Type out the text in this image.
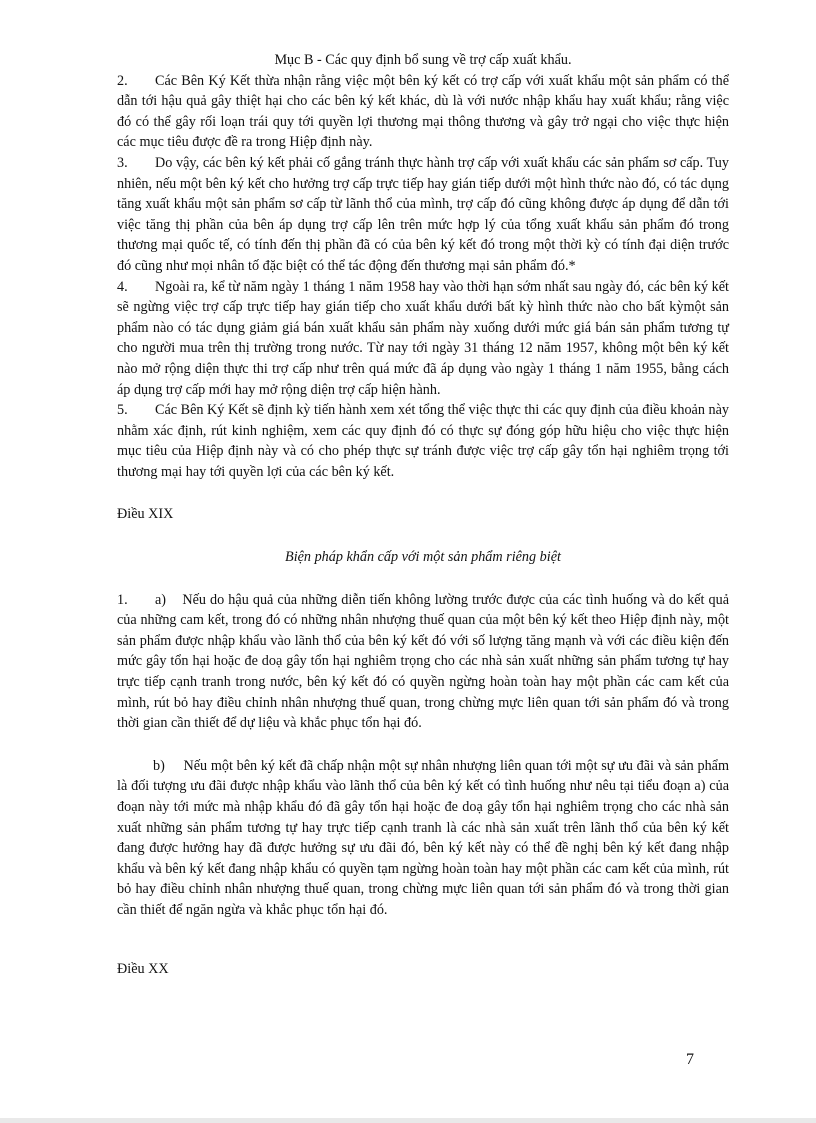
Mục B - Các quy định bổ sung về trợ cấp xuất khẩu.

2. Các Bên Ký Kết thừa nhận rằng việc một bên ký kết có trợ cấp với xuất khẩu một sản phẩm có thể dẫn tới hậu quả gây thiệt hại cho các bên ký kết khác, dù là với nước nhập khẩu hay xuất khẩu; rằng việc đó có thể gây rối loạn trái quy tới quyền lợi thương mại thông thương và gây trở ngại cho việc thực hiện các mục tiêu được đề ra trong Hiệp định này.

3. Do vậy, các bên ký kết phải cố gắng tránh thực hành trợ cấp với xuất khẩu các sản phẩm sơ cấp. Tuy nhiên, nếu một bên ký kết cho hưởng trợ cấp trực tiếp hay gián tiếp dưới một hình thức nào đó, có tác dụng tăng xuất khẩu một sản phẩm sơ cấp từ lãnh thổ của mình, trợ cấp đó cũng không được áp dụng để dẫn tới việc tăng thị phần của bên áp dụng trợ cấp lên trên mức hợp lý của tổng xuất khẩu sản phẩm đó trong thương mại quốc tế, có tính đến thị phần đã có của bên ký kết đó trong một thời kỳ có tính đại diện trước đó cũng như mọi nhân tố đặc biệt có thể tác động đến thương mại sản phẩm đó.*

4. Ngoài ra, kể từ năm ngày 1 tháng 1 năm 1958 hay vào thời hạn sớm nhất sau ngày đó, các bên ký kết sẽ ngừng việc trợ cấp trực tiếp hay gián tiếp cho xuất khẩu dưới bất kỳ hình thức nào cho bất kỳmột sản phẩm nào có tác dụng giảm giá bán xuất khẩu sản phẩm này xuống dưới mức giá bán sản phẩm tương tự cho người mua trên thị trường trong nước. Từ nay tới ngày 31 tháng 12 năm 1957, không một bên ký kết nào mở rộng diện thực thi trợ cấp như trên quá mức đã áp dụng vào ngày 1 tháng 1 năm 1955, bằng cách áp dụng trợ cấp mới hay mở rộng diện trợ cấp hiện hành.

5. Các Bên Ký Kết sẽ định kỳ tiến hành xem xét tổng thể việc thực thi các quy định của điều khoản này nhằm xác định, rút kinh nghiệm, xem các quy định đó có thực sự đóng góp hữu hiệu cho việc thực hiện mục tiêu của Hiệp định này và có cho phép thực sự tránh được việc trợ cấp gây tổn hại nghiêm trọng tới thương mại hay tới quyền lợi của các bên ký kết.

Điều XIX

Biện pháp khẩn cấp với một sản phẩm riêng biệt

1. a) Nếu do hậu quả của những diễn tiến không lường trước được của các tình huống và do kết quả của những cam kết, trong đó có những nhân nhượng thuế quan của một bên ký kết theo Hiệp định này, một sản phẩm được nhập khẩu vào lãnh thổ của bên ký kết đó với số lượng tăng mạnh và với các điều kiện đến mức gây tổn hại hoặc đe doạ gây tổn hại nghiêm trọng cho các nhà sản xuất những sản phẩm tương tự hay trực tiếp cạnh tranh trong nước, bên ký kết đó có quyền ngừng hoàn toàn hay một phần các cam kết của mình, rút bỏ hay điều chỉnh nhân nhượng thuế quan, trong chừng mực liên quan tới sản phẩm đó và trong thời gian cần thiết để dự liệu và khắc phục tổn hại đó.

b) Nếu một bên ký kết đã chấp nhận một sự nhân nhượng liên quan tới một sự ưu đãi và sản phẩm là đối tượng ưu đãi được nhập khẩu vào lãnh thổ của bên ký kết có tình huống như nêu tại tiểu đoạn a) của đoạn này tới mức mà nhập khẩu đó đã gây tổn hại hoặc đe doạ gây tổn hại nghiêm trọng cho các nhà sản xuất những sản phẩm tương tự hay trực tiếp cạnh tranh là các nhà sản xuất trên lãnh thổ của bên ký kết đang được hưởng hay đã được hưởng sự ưu đãi đó, bên ký kết này có thể đề nghị bên ký kết đang nhập khẩu và bên ký kết đang nhập khẩu có quyền tạm ngừng hoàn toàn hay một phần các cam kết của mình, rút bỏ hay điều chỉnh nhân nhượng thuế quan, trong chừng mực liên quan tới sản phẩm đó và trong thời gian cần thiết để ngăn ngừa và khắc phục tổn hại đó.

Điều XX

7
